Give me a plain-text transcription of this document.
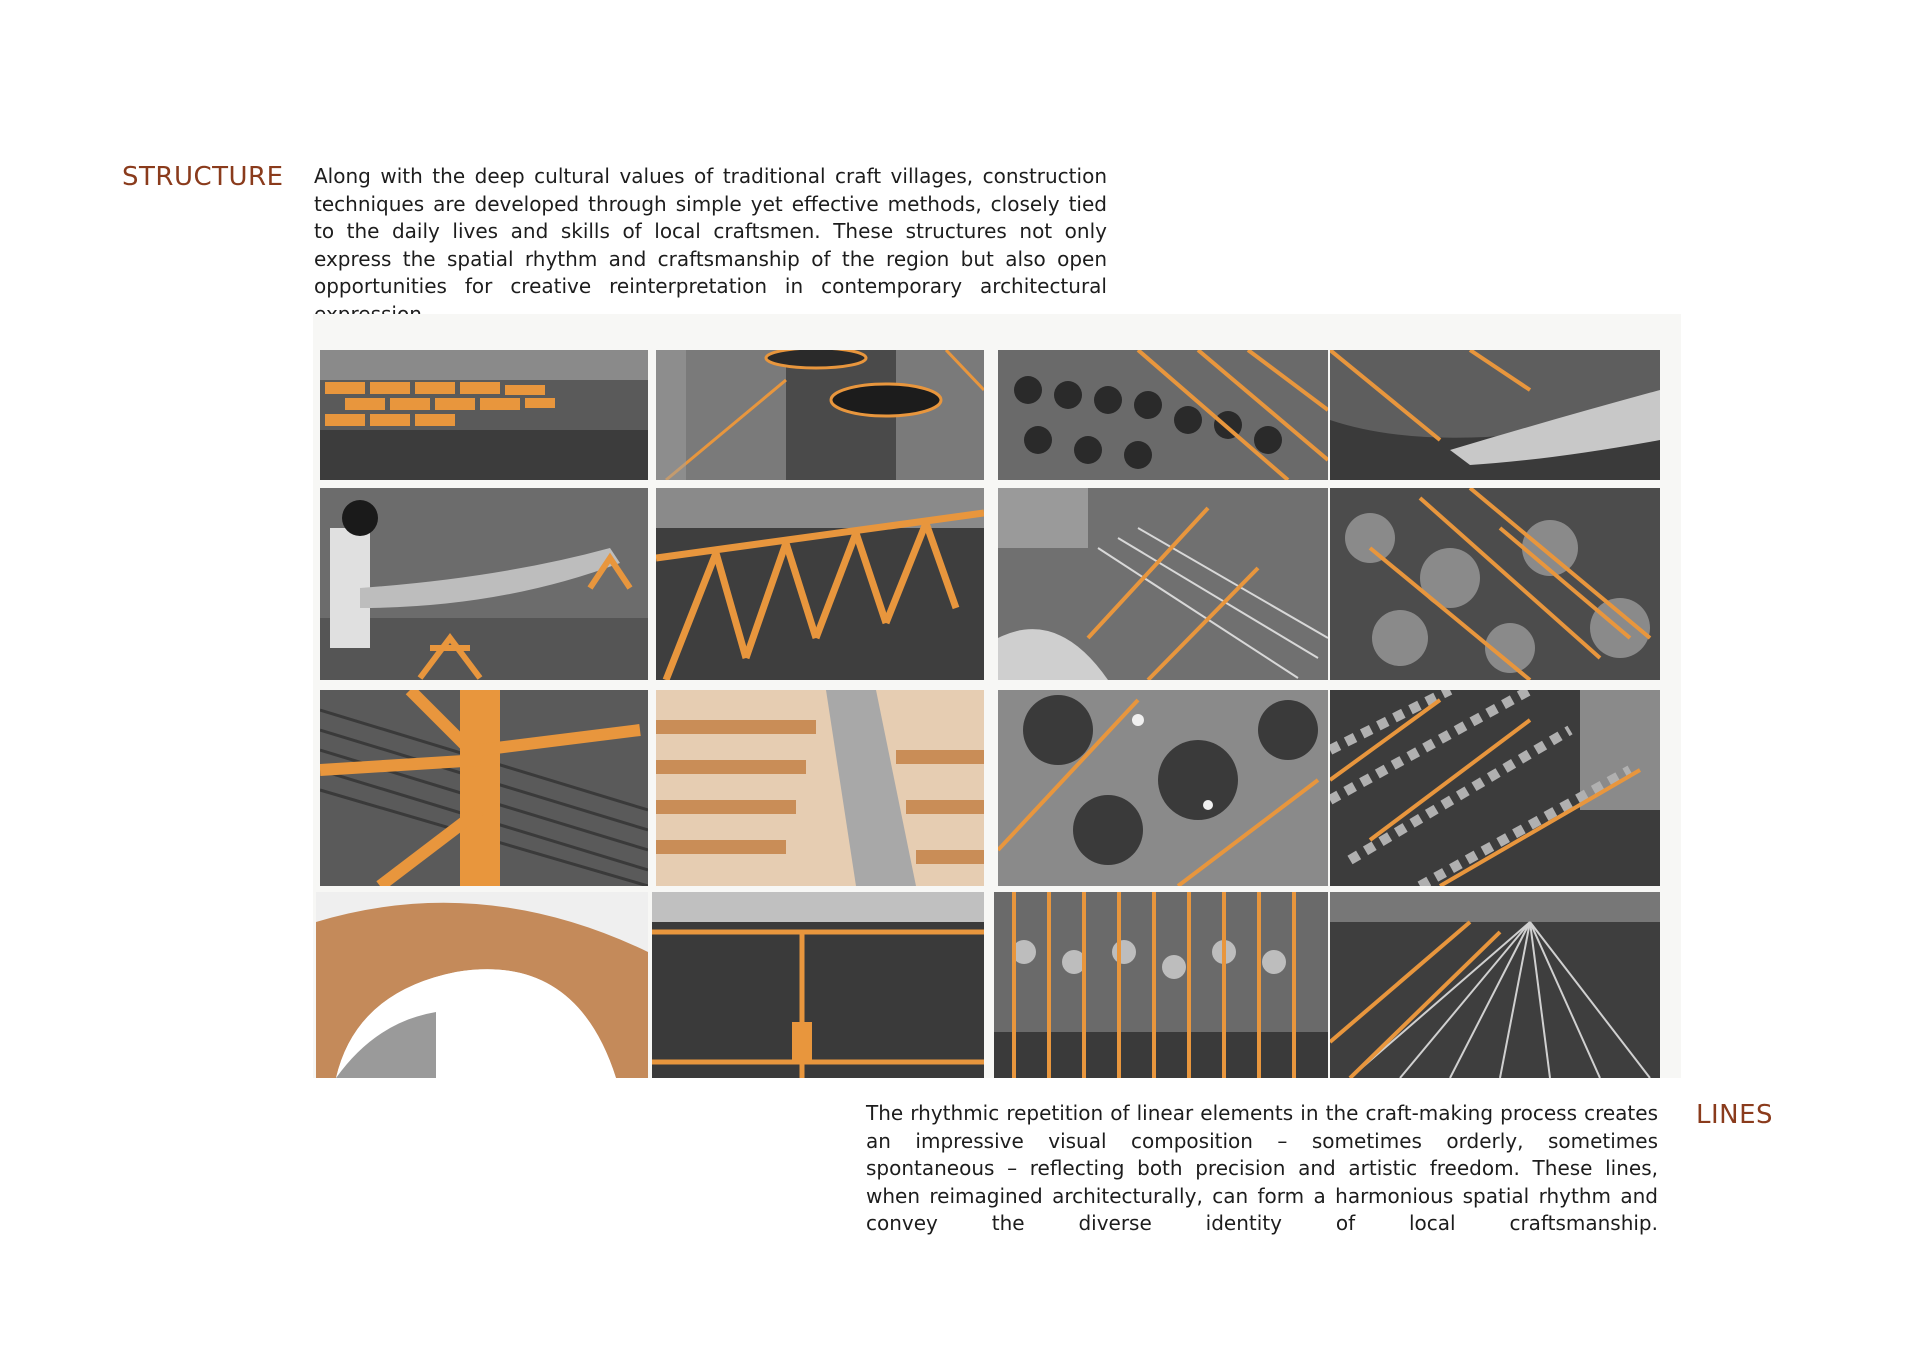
STRUCTURE Along with the deep cultural values of traditional craft villages, construction techniques are developed through simple yet effective methods, closely tied to the daily lives and skills of local craftsmen. These structures not only express the spatial rhythm and craftsmanship of the region but also open opportunities for creative reinterpretation in contemporary architectural

The rhythmic repetition of linear elements in the craft-making process creates an impressive visual composition – sometimes orderly, sometimes spontaneous – reflecting both precision and artistic freedom. These lines, when reimagined architecturally, can form a harmonious spatial rhythm and convey the diverse identity of local craftsmanship.

LINES
